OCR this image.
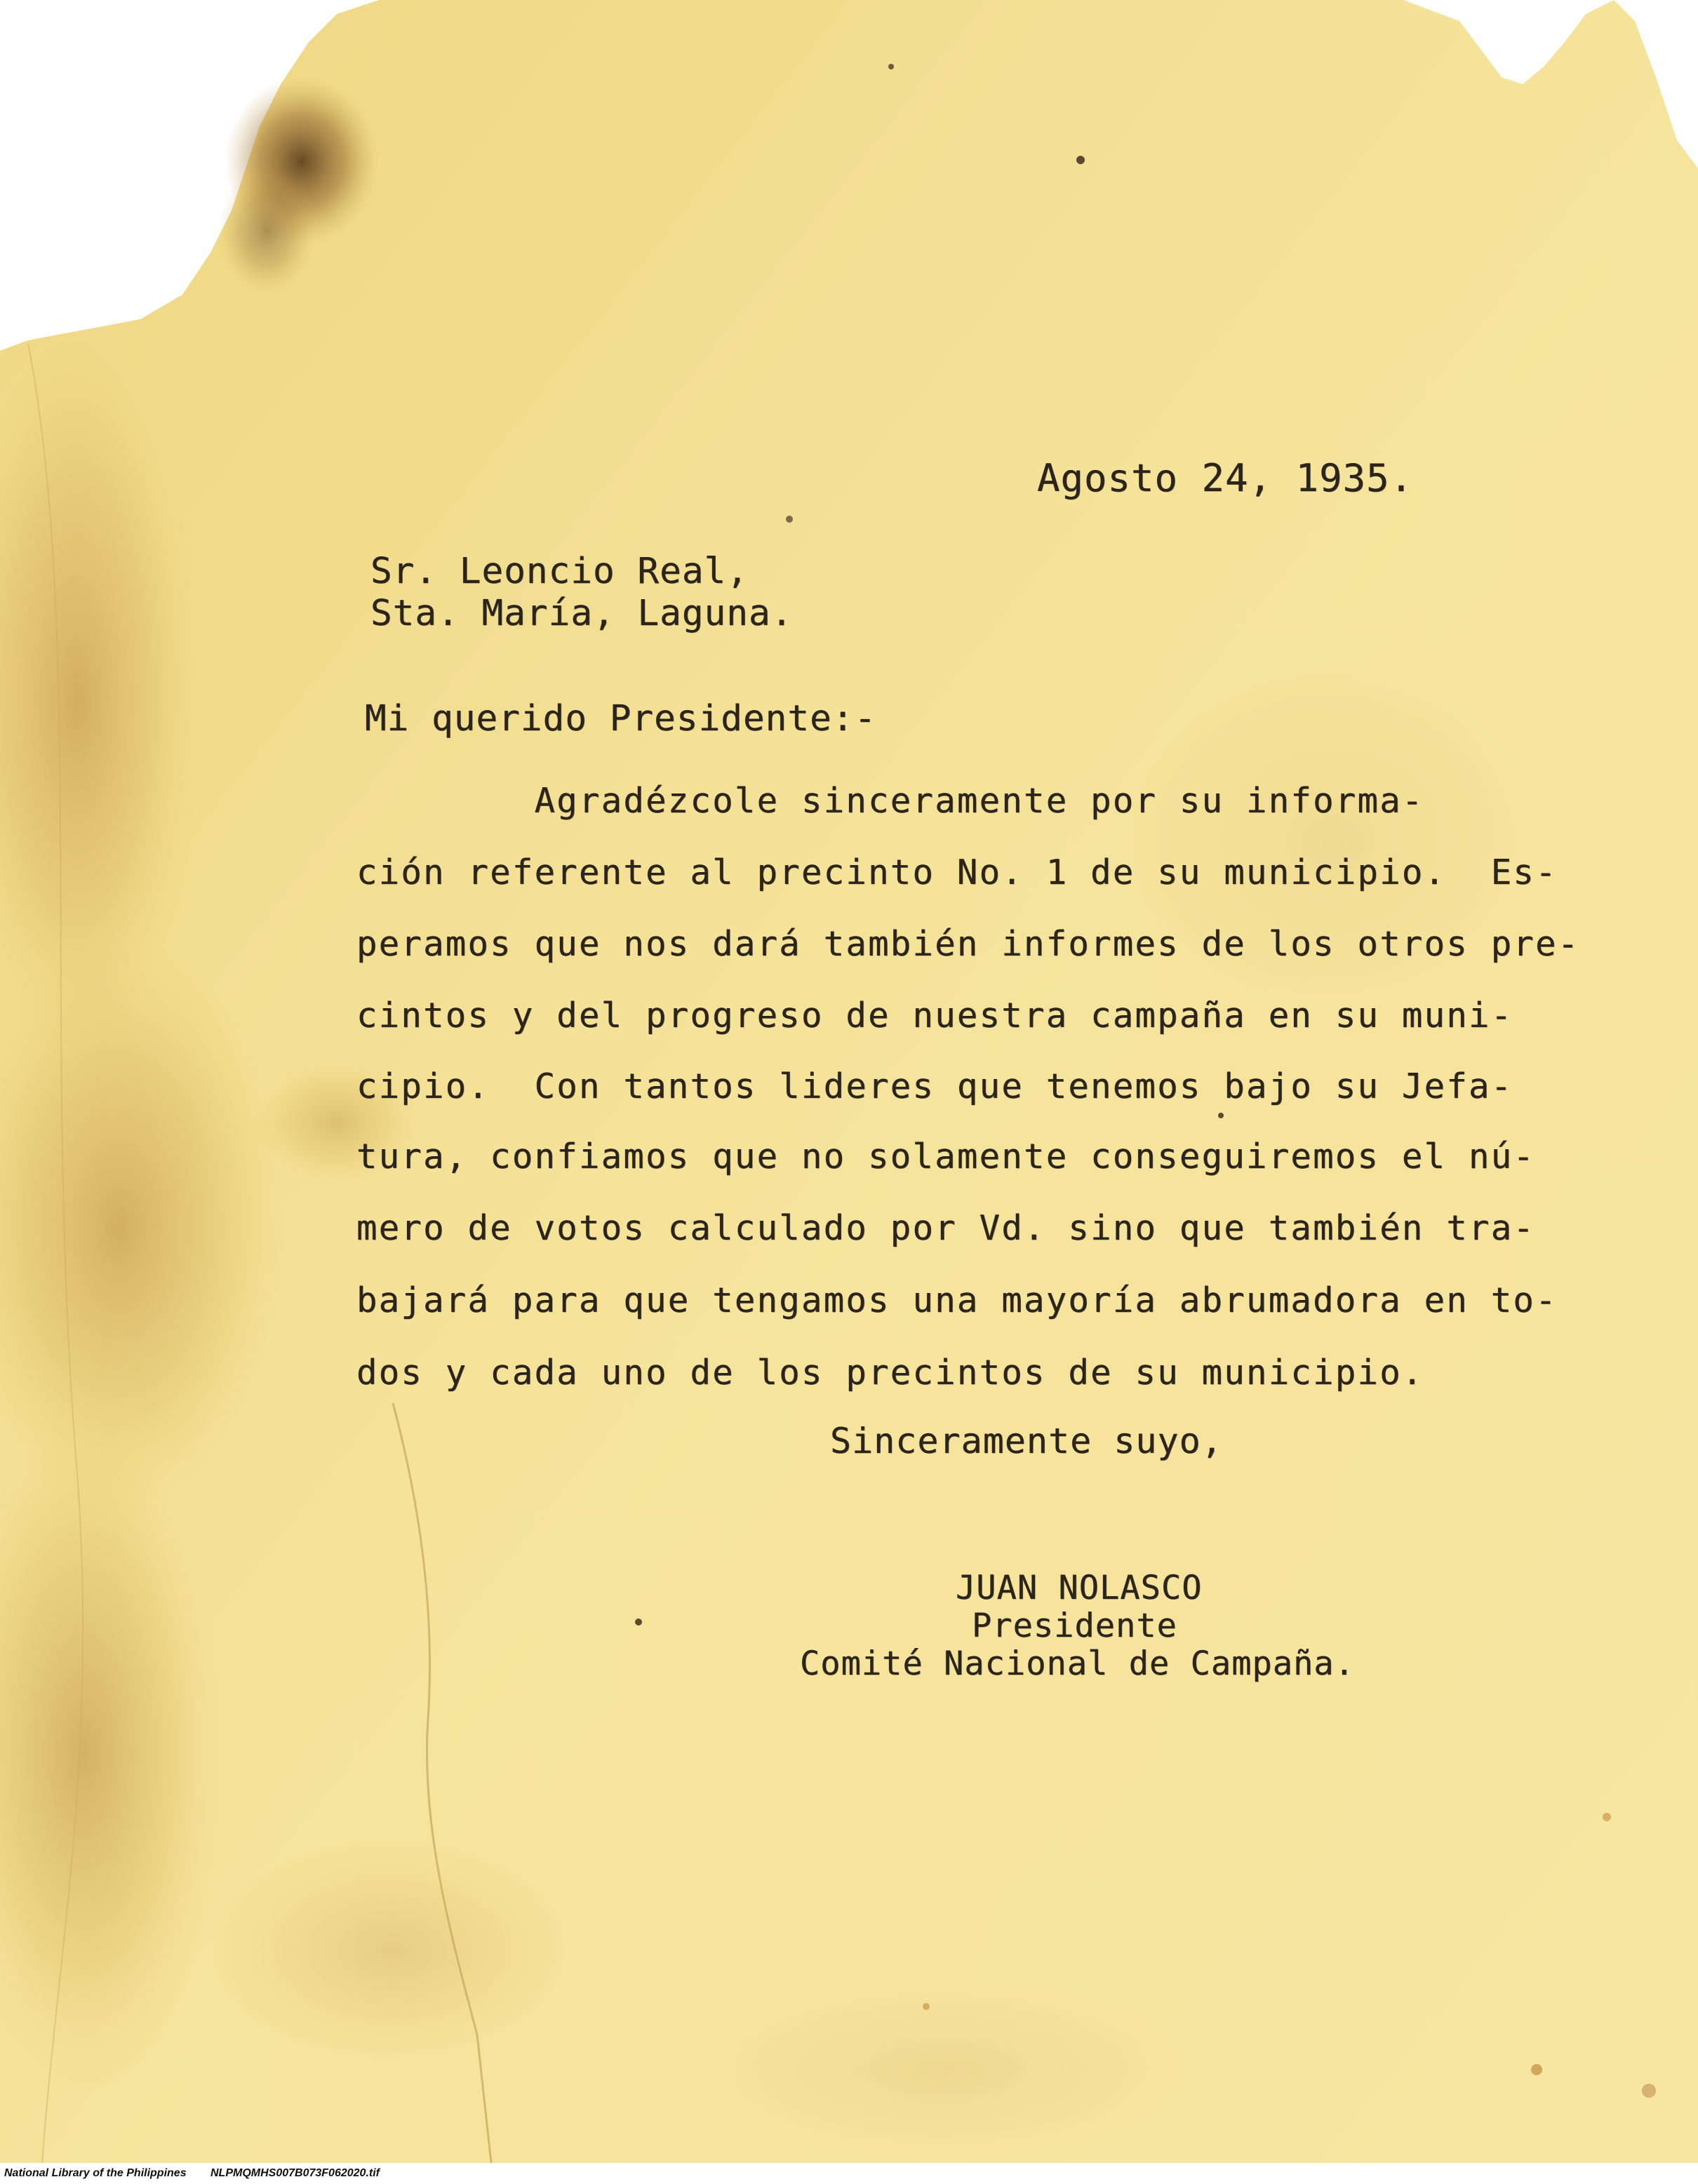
Agosto 24, 1935.
Sr. Leoncio Real,
Sta. María, Laguna.
Mi querido Presidente:-
Agradézcole sinceramente por su informa-
ción referente al precinto No. 1 de su municipio.  Es-
peramos que nos dará también informes de los otros pre-
cintos y del progreso de nuestra campaña en su muni-
cipio.  Con tantos lideres que tenemos bajo su Jefa-
tura, confiamos que no solamente conseguiremos el nú-
mero de votos calculado por Vd. sino que también tra-
bajará para que tengamos una mayoría abrumadora en to-
dos y cada uno de los precintos de su municipio.
Sinceramente suyo,
JUAN NOLASCO
Presidente
Comité Nacional de Campaña.
National Library of the Philippines NLPMQMHS007B073F062020.tif
